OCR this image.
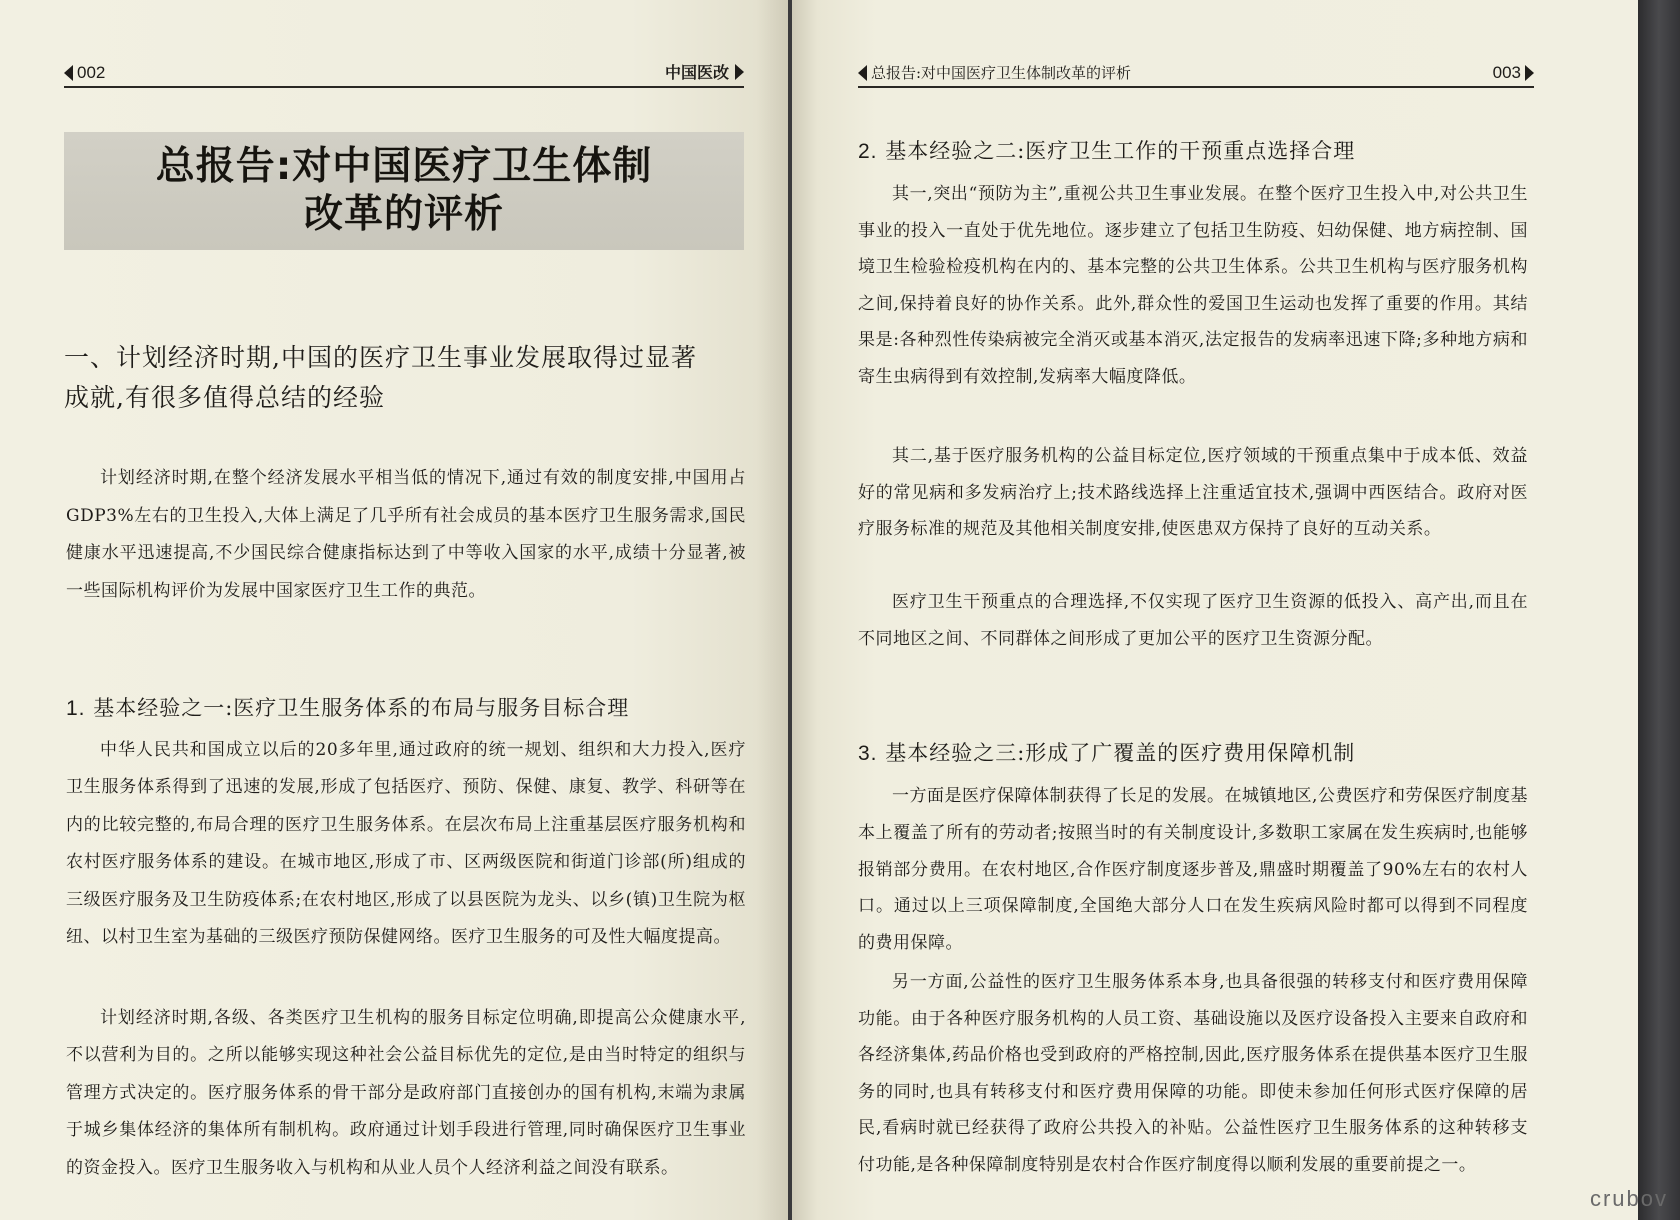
002	中国医改
总报告:对中国医疗卫生体制
改革的评析
一、计划经济时期,中国的医疗卫生事业发展取得过显著
成就,有很多值得总结的经验

计划经济时期,在整个经济发展水平相当低的情况下,通过有效的制度安排,中国用占GDP3%左右的卫生投入,大体上满足了几乎所有社会成员的基本医疗卫生服务需求,国民健康水平迅速提高,不少国民综合健康指标达到了中等收入国家的水平,成绩十分显著,被一些国际机构评价为发展中国家医疗卫生工作的典范。

1. 基本经验之一:医疗卫生服务体系的布局与服务目标合理

中华人民共和国成立以后的20多年里,通过政府的统一规划、组织和大力投入,医疗卫生服务体系得到了迅速的发展,形成了包括医疗、预防、保健、康复、教学、科研等在内的比较完整的,布局合理的医疗卫生服务体系。在层次布局上注重基层医疗服务机构和农村医疗服务体系的建设。在城市地区,形成了市、区两级医院和街道门诊部(所)组成的三级医疗服务及卫生防疫体系;在农村地区,形成了以县医院为龙头、以乡(镇)卫生院为枢纽、以村卫生室为基础的三级医疗预防保健网络。医疗卫生服务的可及性大幅度提高。

计划经济时期,各级、各类医疗卫生机构的服务目标定位明确,即提高公众健康水平,不以营利为目的。之所以能够实现这种社会公益目标优先的定位,是由当时特定的组织与管理方式决定的。医疗服务体系的骨干部分是政府部门直接创办的国有机构,末端为隶属于城乡集体经济的集体所有制机构。政府通过计划手段进行管理,同时确保医疗卫生事业的资金投入。医疗卫生服务收入与机构和从业人员个人经济利益之间没有联系。

总报告:对中国医疗卫生体制改革的评析	003
2. 基本经验之二:医疗卫生工作的干预重点选择合理

其一,突出“预防为主”,重视公共卫生事业发展。在整个医疗卫生投入中,对公共卫生事业的投入一直处于优先地位。逐步建立了包括卫生防疫、妇幼保健、地方病控制、国境卫生检验检疫机构在内的、基本完整的公共卫生体系。公共卫生机构与医疗服务机构之间,保持着良好的协作关系。此外,群众性的爱国卫生运动也发挥了重要的作用。其结果是:各种烈性传染病被完全消灭或基本消灭,法定报告的发病率迅速下降;多种地方病和寄生虫病得到有效控制,发病率大幅度降低。

其二,基于医疗服务机构的公益目标定位,医疗领域的干预重点集中于成本低、效益好的常见病和多发病治疗上;技术路线选择上注重适宜技术,强调中西医结合。政府对医疗服务标准的规范及其他相关制度安排,使医患双方保持了良好的互动关系。

医疗卫生干预重点的合理选择,不仅实现了医疗卫生资源的低投入、高产出,而且在不同地区之间、不同群体之间形成了更加公平的医疗卫生资源分配。

3. 基本经验之三:形成了广覆盖的医疗费用保障机制

一方面是医疗保障体制获得了长足的发展。在城镇地区,公费医疗和劳保医疗制度基本上覆盖了所有的劳动者;按照当时的有关制度设计,多数职工家属在发生疾病时,也能够报销部分费用。在农村地区,合作医疗制度逐步普及,鼎盛时期覆盖了90%左右的农村人口。通过以上三项保障制度,全国绝大部分人口在发生疾病风险时都可以得到不同程度的费用保障。

另一方面,公益性的医疗卫生服务体系本身,也具备很强的转移支付和医疗费用保障功能。由于各种医疗服务机构的人员工资、基础设施以及医疗设备投入主要来自政府和各经济集体,药品价格也受到政府的严格控制,因此,医疗服务体系在提供基本医疗卫生服务的同时,也具有转移支付和医疗费用保障的功能。即使未参加任何形式医疗保障的居民,看病时就已经获得了政府公共投入的补贴。公益性医疗卫生服务体系的这种转移支付功能,是各种保障制度特别是农村合作医疗制度得以顺利发展的重要前提之一。

crubov
